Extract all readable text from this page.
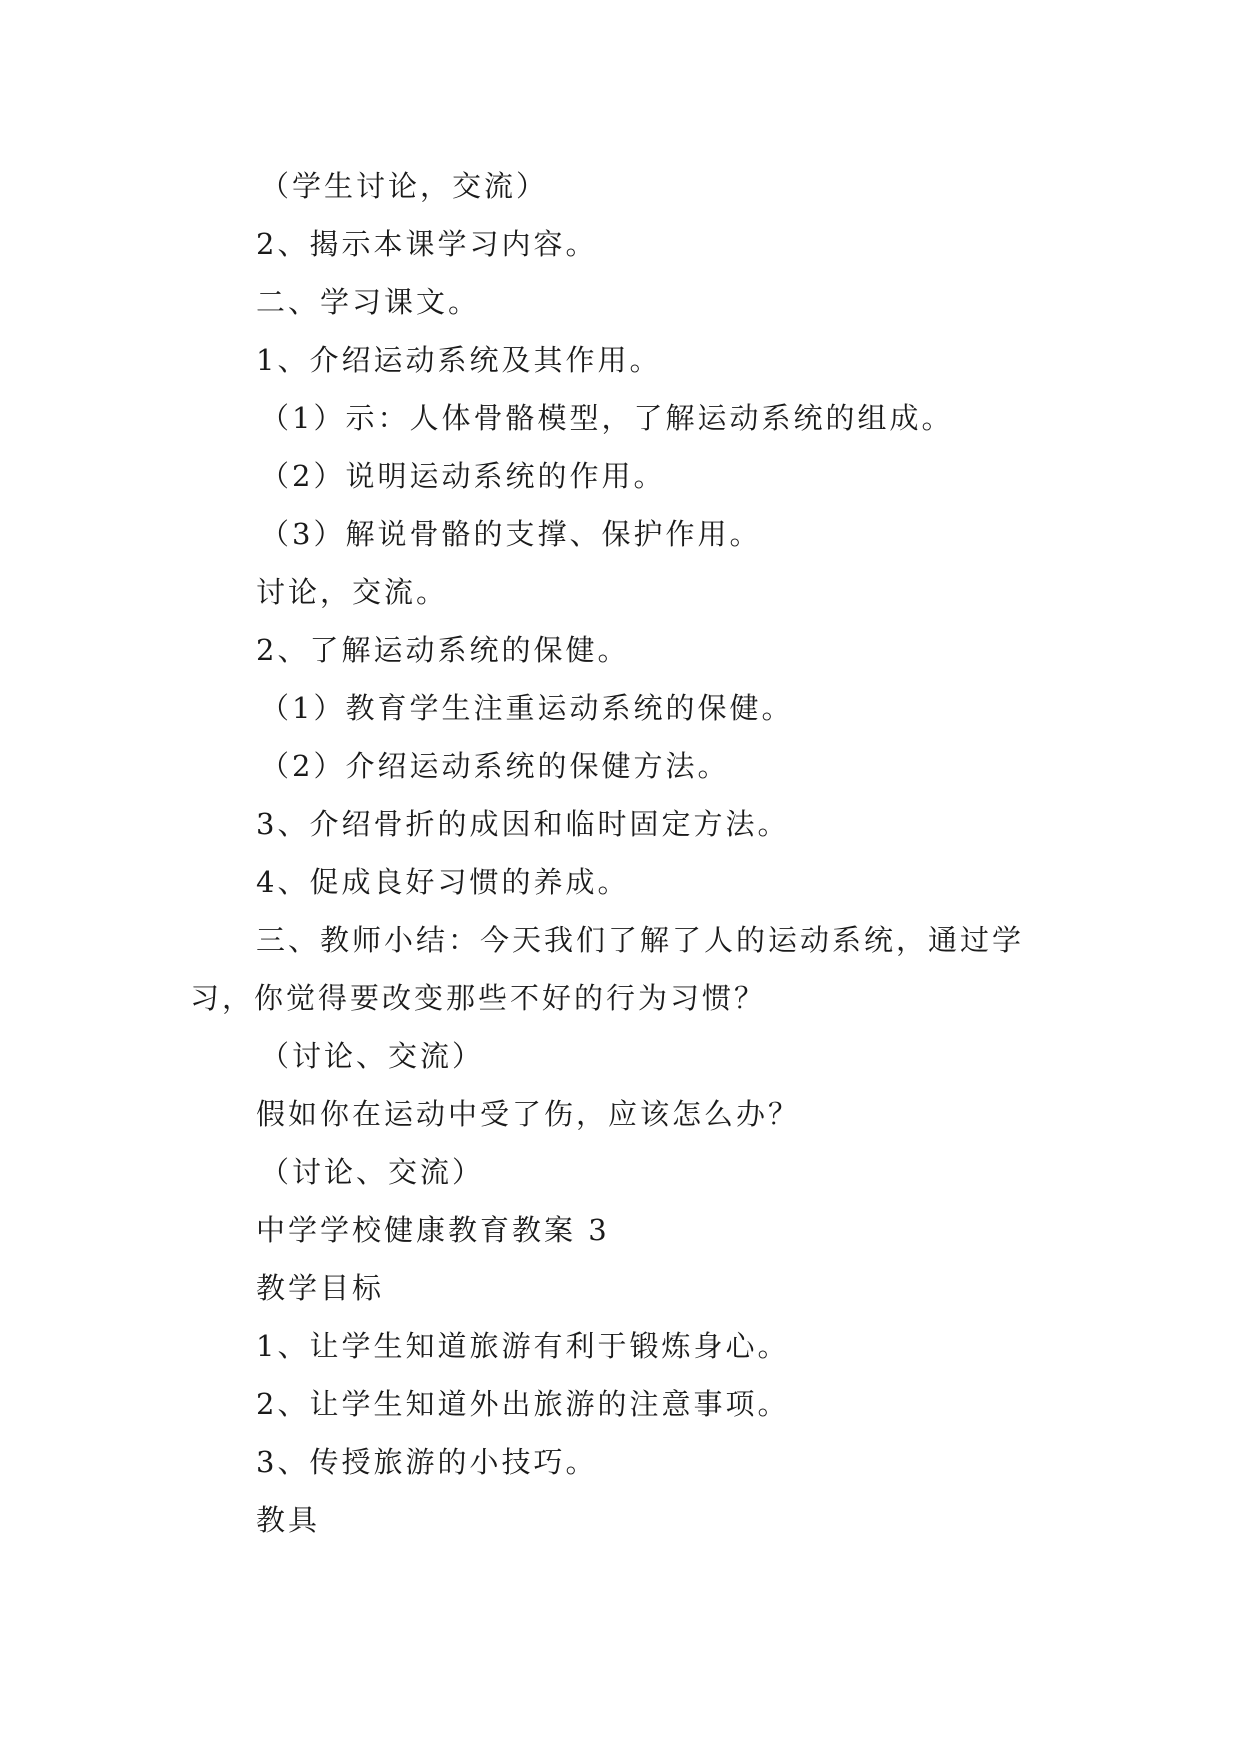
（学生讨论，交流）
2、揭示本课学习内容。
二、学习课文。
1、介绍运动系统及其作用。
（1）示：人体骨骼模型，了解运动系统的组成。
（2）说明运动系统的作用。
（3）解说骨骼的支撑、保护作用。
讨论，交流。
2、了解运动系统的保健。
（1）教育学生注重运动系统的保健。
（2）介绍运动系统的保健方法。
3、介绍骨折的成因和临时固定方法。
4、促成良好习惯的养成。
三、教师小结：今天我们了解了人的运动系统，通过学
习，你觉得要改变那些不好的行为习惯？
（讨论、交流）
假如你在运动中受了伤，应该怎么办？
（讨论、交流）
中学学校健康教育教案 3
教学目标
1、让学生知道旅游有利于锻炼身心。
2、让学生知道外出旅游的注意事项。
3、传授旅游的小技巧。
教具
